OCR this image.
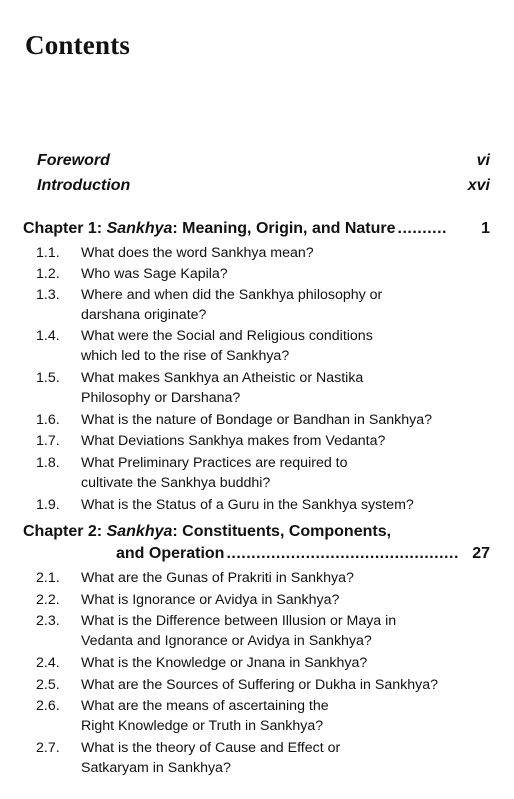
Contents
Foreword	vi
Introduction	xvi
Chapter 1: Sankhya: Meaning, Origin, and Nature ..........	1
1.1. What does the word Sankhya mean?
1.2. Who was Sage Kapila?
1.3. Where and when did the Sankhya philosophy or
darshana originate?
1.4. What were the Social and Religious conditions
which led to the rise of Sankhya?
1.5. What makes Sankhya an Atheistic or Nastika
Philosophy or Darshana?
1.6. What is the nature of Bondage or Bandhan in Sankhya?
1.7. What Deviations Sankhya makes from Vedanta?
1.8. What Preliminary Practices are required to
cultivate the Sankhya buddhi?
1.9. What is the Status of a Guru in the Sankhya system?
Chapter 2: Sankhya: Constituents, Components,
and Operation ............................................... 27
2.1. What are the Gunas of Prakriti in Sankhya?
2.2. What is Ignorance or Avidya in Sankhya?
2.3. What is the Difference between Illusion or Maya in
Vedanta and Ignorance or Avidya in Sankhya?
2.4. What is the Knowledge or Jnana in Sankhya?
2.5. What are the Sources of Suffering or Dukha in Sankhya?
2.6. What are the means of ascertaining the
Right Knowledge or Truth in Sankhya?
2.7. What is the theory of Cause and Effect or
Satkaryam in Sankhya?
